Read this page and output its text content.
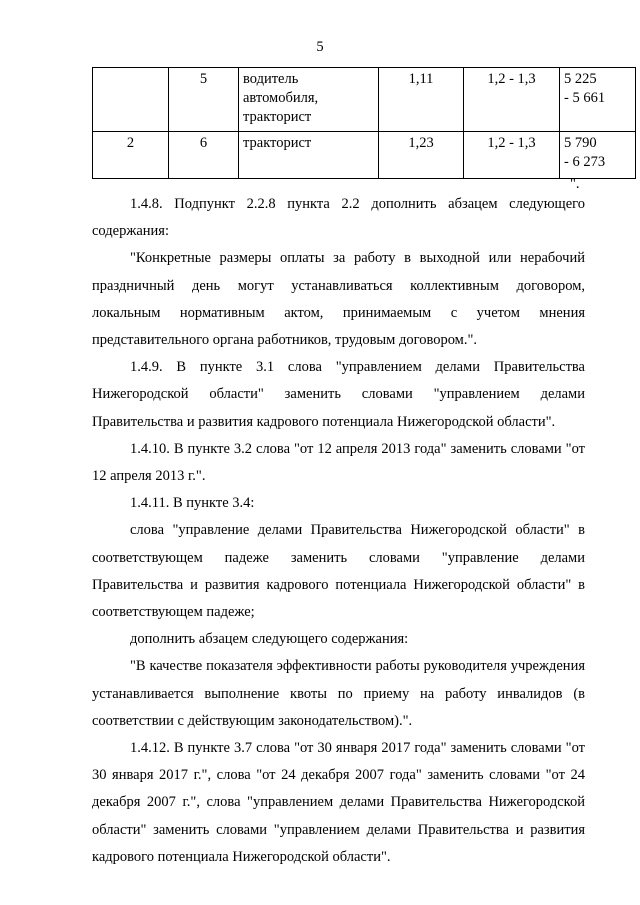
5
	5	водитель автомобиля, тракторист	1,11	1,2 - 1,3	5 225
- 5 661
2	6	тракторист	1,23	1,2 - 1,3	5 790
- 6 273
".

1.4.8. Подпункт 2.2.8 пункта 2.2 дополнить абзацем следующего содержания:

"Конкретные размеры оплаты за работу в выходной или нерабочий праздничный день могут устанавливаться коллективным договором, локальным нормативным актом, принимаемым с учетом мнения представительного органа работников, трудовым договором.".

1.4.9. В пункте 3.1 слова "управлением делами Правительства Нижегородской области" заменить словами "управлением делами Правительства и развития кадрового потенциала Нижегородской области".

1.4.10. В пункте 3.2 слова "от 12 апреля 2013 года" заменить словами "от 12 апреля 2013 г.".

1.4.11. В пункте 3.4:

слова "управление делами Правительства Нижегородской области" в соответствующем падеже заменить словами "управление делами Правительства и развития кадрового потенциала Нижегородской области" в соответствующем падеже;

дополнить абзацем следующего содержания:

"В качестве показателя эффективности работы руководителя учреждения устанавливается выполнение квоты по приему на работу инвалидов (в соответствии с действующим законодательством).".

1.4.12. В пункте 3.7 слова "от 30 января 2017 года" заменить словами "от 30 января 2017 г.", слова "от 24 декабря 2007 года" заменить словами "от 24 декабря 2007 г.", слова "управлением делами Правительства Нижегородской области" заменить словами "управлением делами Правительства и развития кадрового потенциала Нижегородской области".
